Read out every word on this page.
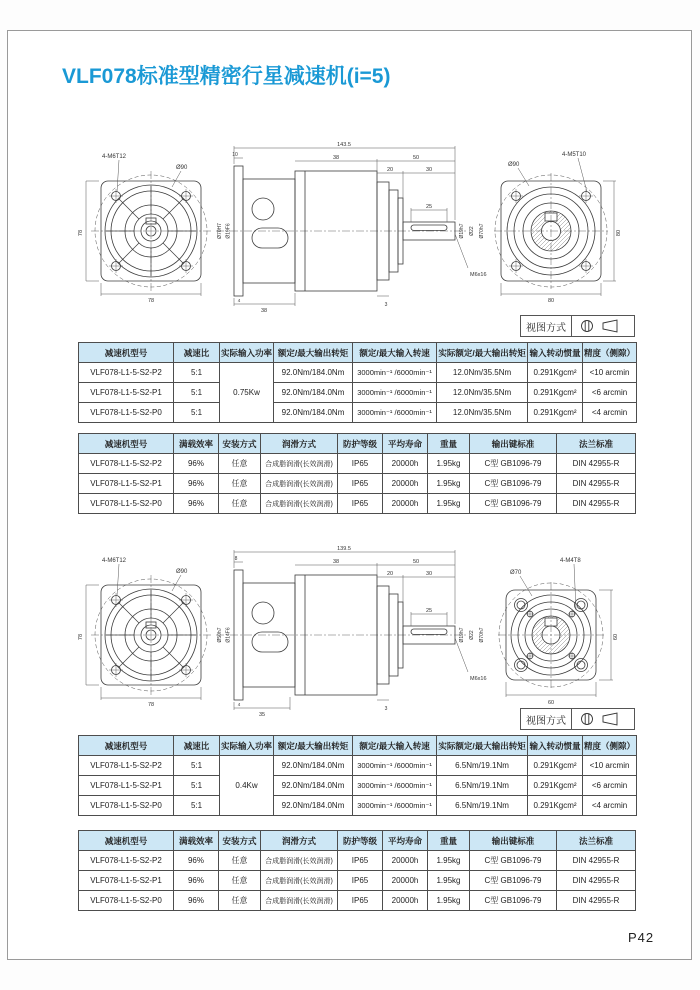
VLF078标准型精密行星减速机(i=5)
4-M6T12
Ø90
78
78
143.5
38	50
20	30
25
10
38
4
3
M6x16
Ø19h7 Ø22 Ø70h7
Ø70H7 Ø19F6
4-M5T10
Ø90
80
80
视图方式
减速机型号	减速比	实际输入功率	额定/最大输出转矩	额定/最大输入转速	实际额定/最大输出转矩	输入转动惯量	精度（侧隙）
VLF078-L1-5-S2-P2	5:1	0.75Kw	92.0Nm/184.0Nm	3000min⁻¹ /6000min⁻¹	12.0Nm/35.5Nm	0.291Kgcm²	<10 arcmin
VLF078-L1-5-S2-P1	5:1		92.0Nm/184.0Nm	3000min⁻¹ /6000min⁻¹	12.0Nm/35.5Nm	0.291Kgcm²	<6 arcmin
VLF078-L1-5-S2-P0	5:1		92.0Nm/184.0Nm	3000min⁻¹ /6000min⁻¹	12.0Nm/35.5Nm	0.291Kgcm²	<4 arcmin
减速机型号	满载效率	安装方式	润滑方式	防护等级	平均寿命	重量	输出键标准	法兰标准
VLF078-L1-5-S2-P2	96%	任意	合成脂润滑(长效润滑)	IP65	20000h	1.95kg	C型 GB1096-79	DIN 42955-R
VLF078-L1-5-S2-P1	96%	任意	合成脂润滑(长效润滑)	IP65	20000h	1.95kg	C型 GB1096-79	DIN 42955-R
VLF078-L1-5-S2-P0	96%	任意	合成脂润滑(长效润滑)	IP65	20000h	1.95kg	C型 GB1096-79	DIN 42955-R
4-M6T12
Ø90
78
78
139.5
38	50
20	30
25
8
35
4
3
M6x16
Ø19h7 Ø22 Ø70h7
Ø50h7 Ø14F6
4-M4T8
Ø70
60
60
视图方式
减速机型号	减速比	实际输入功率	额定/最大输出转矩	额定/最大输入转速	实际额定/最大输出转矩	输入转动惯量	精度（侧隙）
VLF078-L1-5-S2-P2	5:1	0.4Kw	92.0Nm/184.0Nm	3000min⁻¹ /6000min⁻¹	6.5Nm/19.1Nm	0.291Kgcm²	<10 arcmin
VLF078-L1-5-S2-P1	5:1		92.0Nm/184.0Nm	3000min⁻¹ /6000min⁻¹	6.5Nm/19.1Nm	0.291Kgcm²	<6 arcmin
VLF078-L1-5-S2-P0	5:1		92.0Nm/184.0Nm	3000min⁻¹ /6000min⁻¹	6.5Nm/19.1Nm	0.291Kgcm²	<4 arcmin
减速机型号	满载效率	安装方式	润滑方式	防护等级	平均寿命	重量	输出键标准	法兰标准
VLF078-L1-5-S2-P2	96%	任意	合成脂润滑(长效润滑)	IP65	20000h	1.95kg	C型 GB1096-79	DIN 42955-R
VLF078-L1-5-S2-P1	96%	任意	合成脂润滑(长效润滑)	IP65	20000h	1.95kg	C型 GB1096-79	DIN 42955-R
VLF078-L1-5-S2-P0	96%	任意	合成脂润滑(长效润滑)	IP65	20000h	1.95kg	C型 GB1096-79	DIN 42955-R
P42
